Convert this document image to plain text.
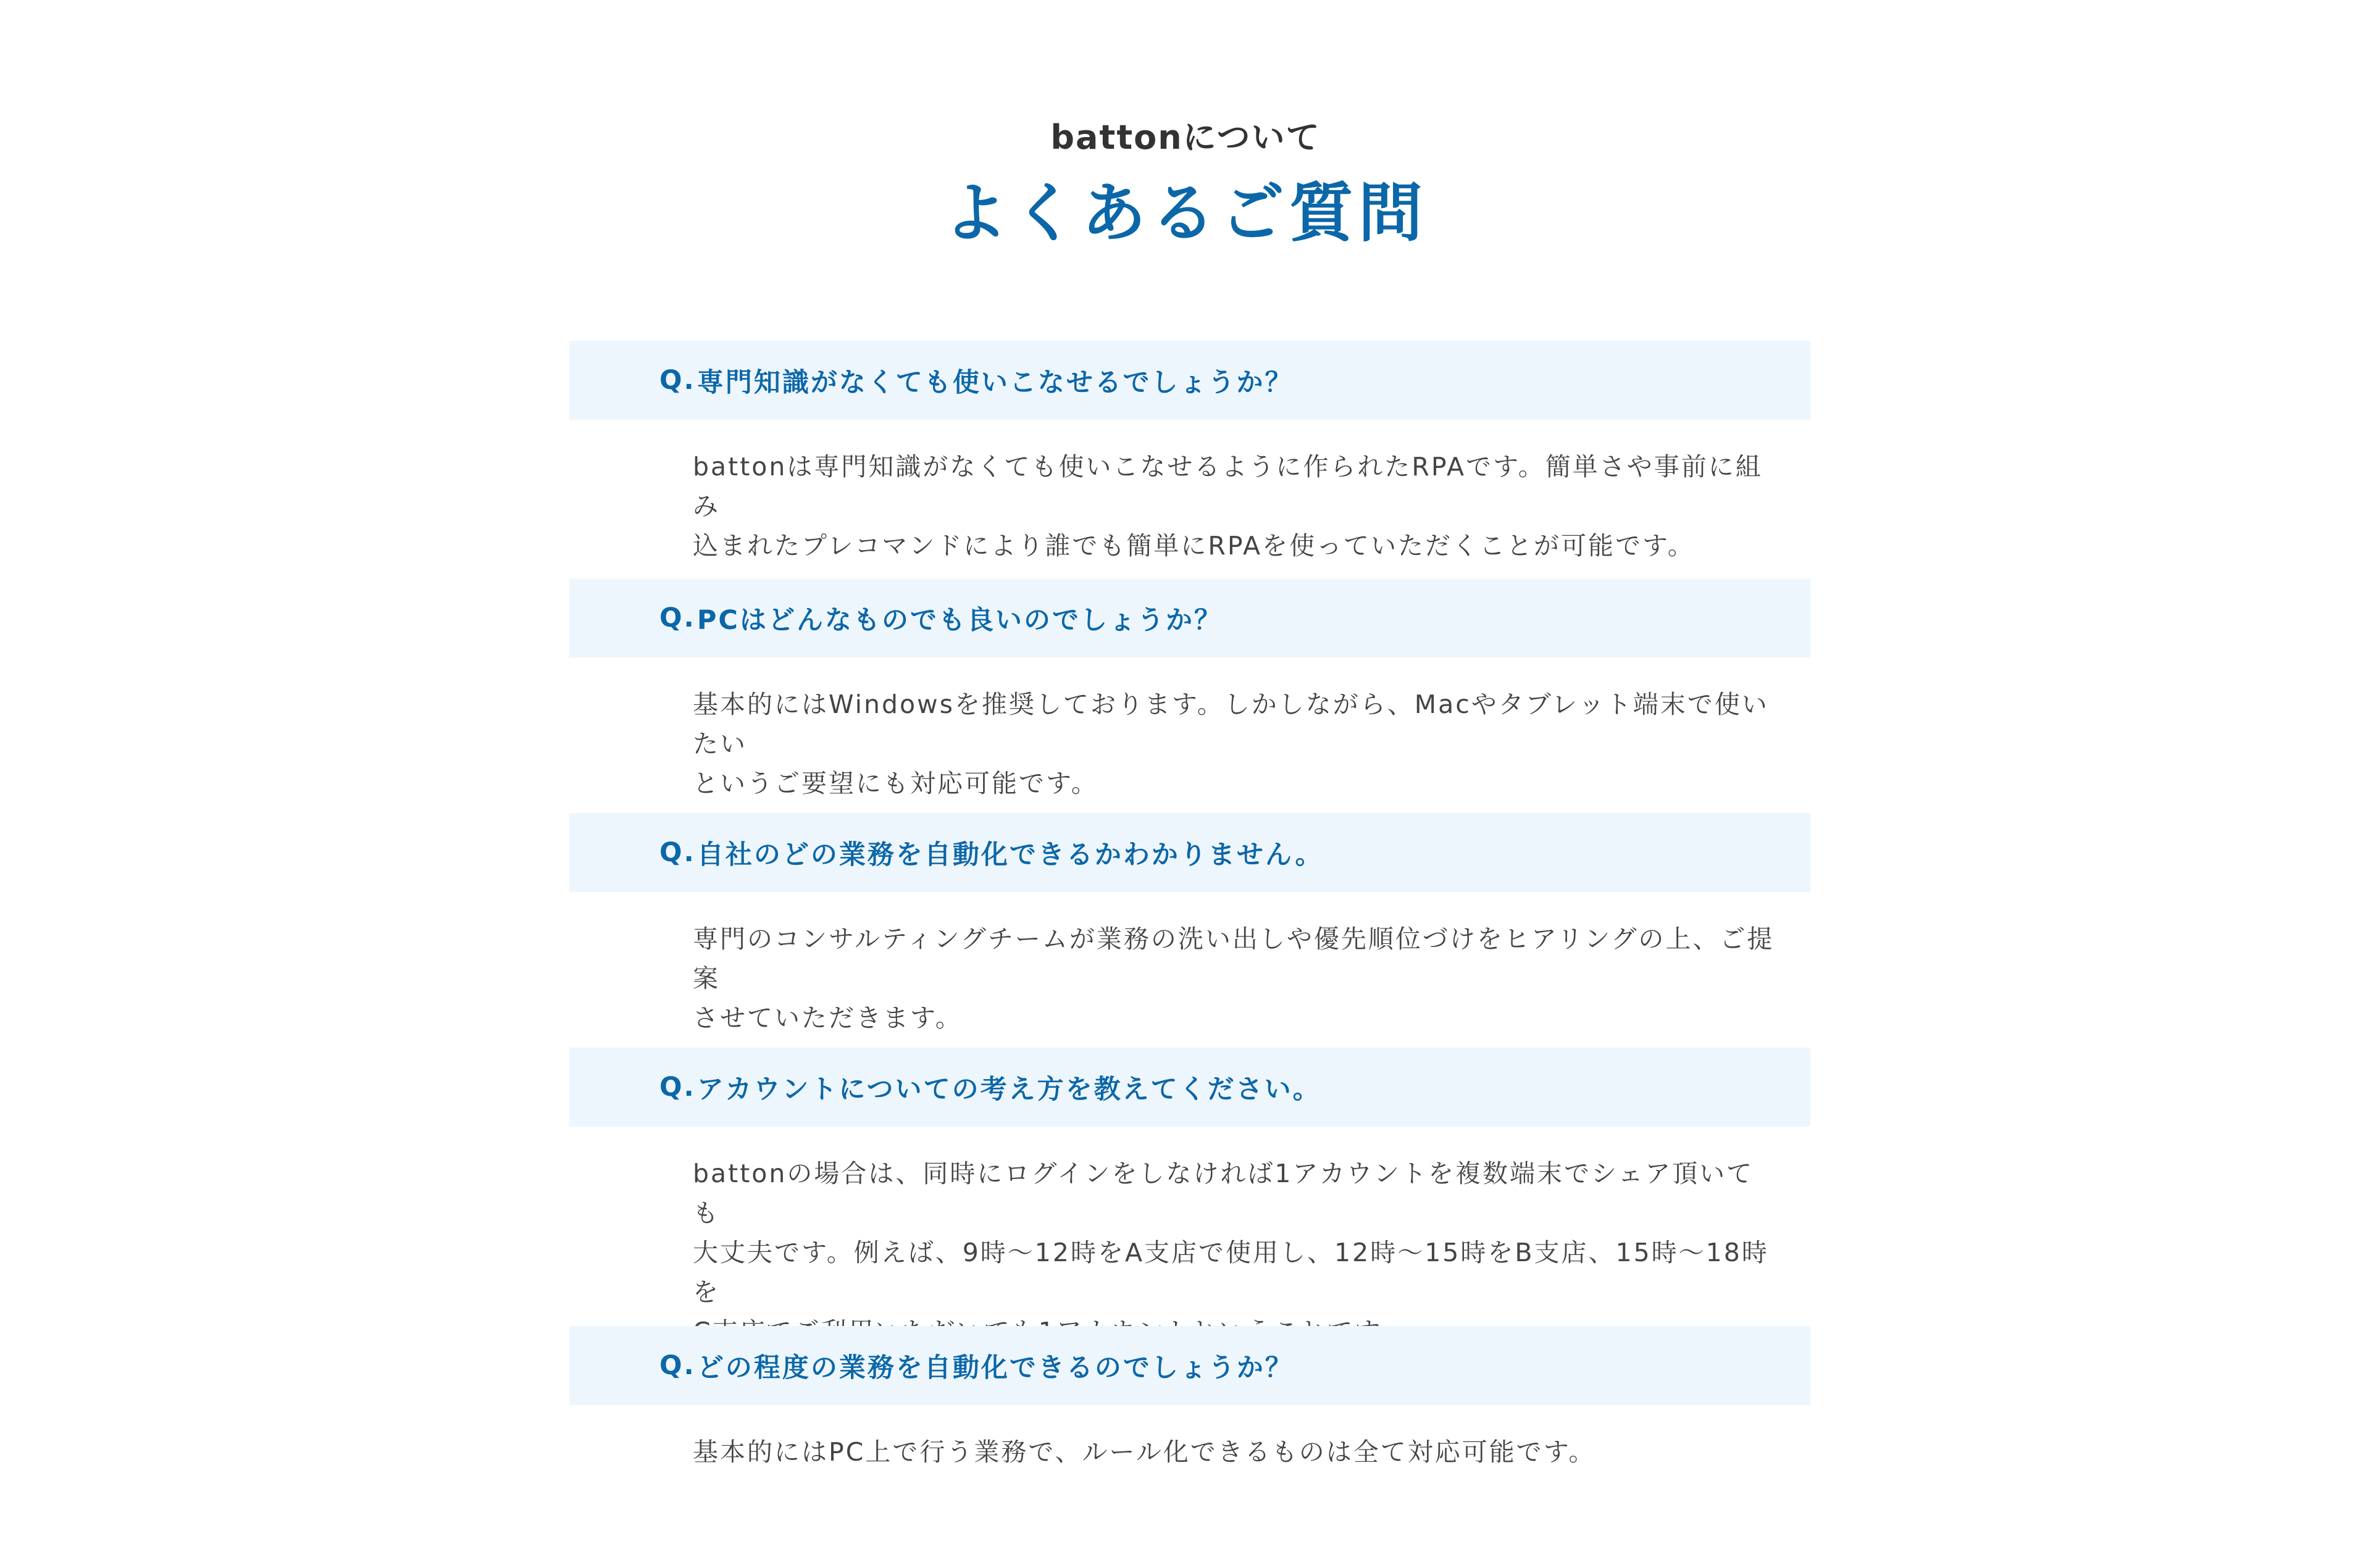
battonについて
よくあるご質問
Q. 専門知識がなくても使いこなせるでしょうか？
battonは専門知識がなくても使いこなせるように作られたRPAです。簡単さや事前に組み
込まれたプレコマンドにより誰でも簡単にRPAを使っていただくことが可能です。
Q. PCはどんなものでも良いのでしょうか？
基本的にはWindowsを推奨しております。しかしながら、Macやタブレット端末で使いたい
というご要望にも対応可能です。
Q. 自社のどの業務を自動化できるかわかりません。
専門のコンサルティングチームが業務の洗い出しや優先順位づけをヒアリングの上、ご提案
させていただきます。
Q. アカウントについての考え方を教えてください。
battonの場合は、同時にログインをしなければ1アカウントを複数端末でシェア頂いても
大丈夫です。例えば、9時〜12時をA支店で使用し、12時〜15時をB支店、15時〜18時を

Q. どの程度の業務を自動化できるのでしょうか？
基本的にはPC上で行う業務で、ルール化できるものは全て対応可能です。
